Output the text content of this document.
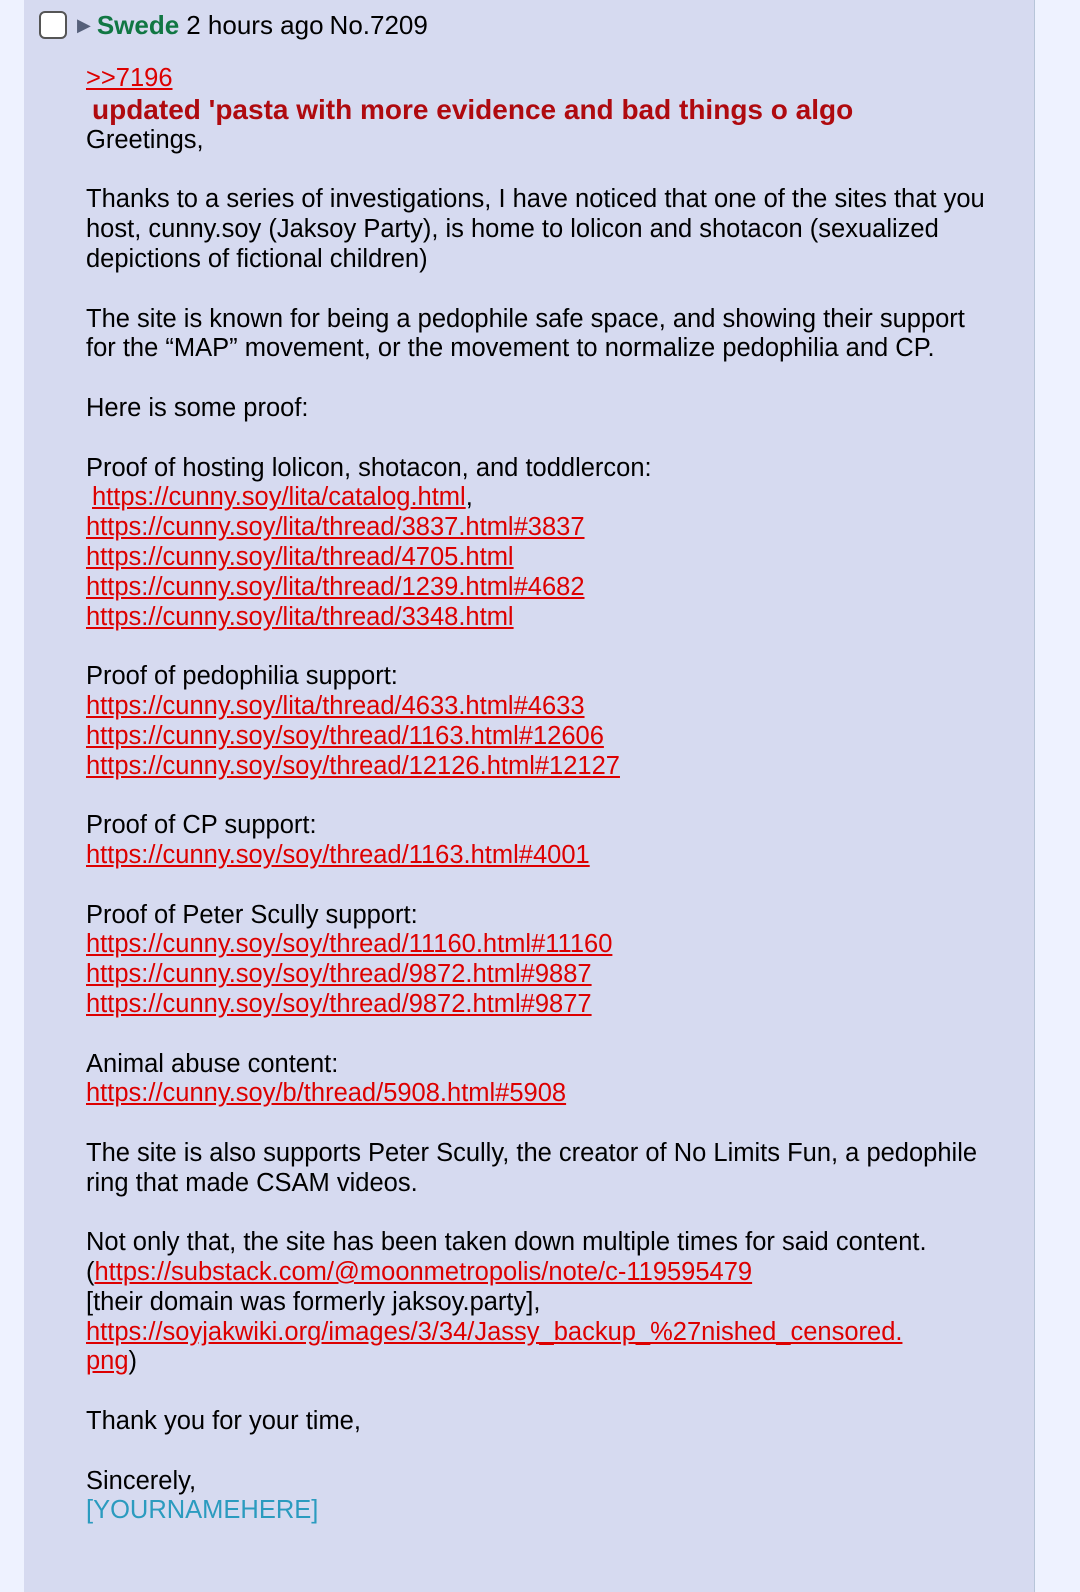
▶ Swede 2 hours ago No.7209

>>7196

updated 'pasta with more evidence and bad things o algo

Greetings,

Thanks to a series of investigations, I have noticed that one of the sites that you host, cunny.soy (Jaksoy Party), is home to lolicon and shotacon (sexualized depictions of fictional children)

The site is known for being a pedophile safe space, and showing their support for the “MAP” movement, or the movement to normalize pedophilia and CP.

Here is some proof:

Proof of hosting lolicon, shotacon, and toddlercon:

https://cunny.soy/lita/catalog.html,

https://cunny.soy/lita/thread/3837.html#3837

https://cunny.soy/lita/thread/4705.html

https://cunny.soy/lita/thread/1239.html#4682

https://cunny.soy/lita/thread/3348.html

Proof of pedophilia support:

https://cunny.soy/lita/thread/4633.html#4633

https://cunny.soy/soy/thread/1163.html#12606

https://cunny.soy/soy/thread/12126.html#12127

Proof of CP support:

https://cunny.soy/soy/thread/1163.html#4001

Proof of Peter Scully support:

https://cunny.soy/soy/thread/11160.html#11160

https://cunny.soy/soy/thread/9872.html#9887

https://cunny.soy/soy/thread/9872.html#9877

Animal abuse content:

https://cunny.soy/b/thread/5908.html#5908

The site is also supports Peter Scully, the creator of No Limits Fun, a pedophile ring that made CSAM videos.

Not only that, the site has been taken down multiple times for said content. (https://substack.com/@moonmetropolis/note/c-119595479

[their domain was formerly jaksoy.party],

https://soyjakwiki.org/images/3/34/Jassy_backup_%27nished_censored.

png)

Thank you for your time,

Sincerely,

[YOURNAMEHERE]
